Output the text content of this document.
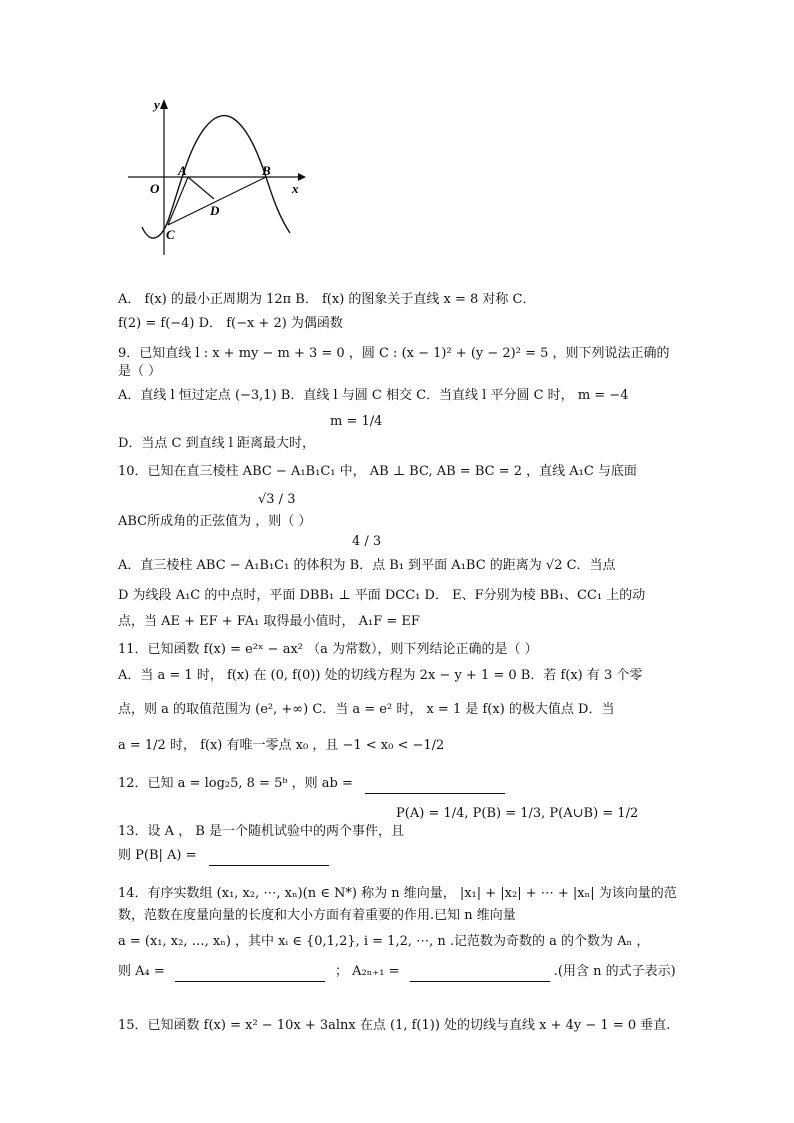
y
x
O
A	B
C
D
A． f(x) 的最小正周期为 12π B． f(x) 的图象关于直线 x = 8 对称 C．
f(2) = f(−4) D． f(−x + 2) 为偶函数
9．已知直线 l : x + my − m + 3 = 0 ，圆 C : (x − 1)² + (y − 2)² = 5 ，则下列说法正确的
是（ ）
A．直线 l 恒过定点 (−3,1) B．直线 l 与圆 C 相交 C．当直线 l 平分圆 C 时， m = −4
m = 1/4
D．当点 C 到直线 l 距离最大时，
10．已知在直三棱柱 ABC − A₁B₁C₁ 中， AB ⊥ BC, AB = BC = 2 ，直线 A₁C 与底面
√3 / 3
ABC所成角的正弦值为 ，则（ ）
4 / 3
A．直三棱柱 ABC − A₁B₁C₁ 的体积为 B．点 B₁ 到平面 A₁BC 的距离为 √2 C．当点
D 为线段 A₁C 的中点时，平面 DBB₁ ⊥ 平面 DCC₁ D． E、F分别为棱 BB₁、CC₁ 上的动
点，当 AE + EF + FA₁ 取得最小值时， A₁F = EF
11．已知函数 f(x) = e²ˣ − ax² （a 为常数），则下列结论正确的是（ ）
A．当 a = 1 时， f(x) 在 (0, f(0)) 处的切线方程为 2x − y + 1 = 0 B．若 f(x) 有 3 个零
点，则 a 的取值范围为 (e², +∞) C．当 a = e² 时， x = 1 是 f(x) 的极大值点 D．当
a = 1/2 时， f(x) 有唯一零点 x₀ ，且 −1 < x₀ < −1/2
12．已知 a = log₂5, 8 = 5ᵇ ，则 ab =
P(A) = 1/4, P(B) = 1/3, P(A∪B) = 1/2
13．设 A ， B 是一个随机试验中的两个事件，且
则 P(B| A) =
14．有序实数组 (x₁, x₂, ⋯, xₙ)(n ∈ N*) 称为 n 维向量， |x₁| + |x₂| + ⋯ + |xₙ| 为该向量的范
数，范数在度量向量的长度和大小方面有着重要的作用.已知 n 维向量
a = (x₁, x₂, …, xₙ) ，其中 xᵢ ∈ {0,1,2}, i = 1,2, ⋯, n .记范数为奇数的 a 的个数为 Aₙ ，
则 A₄ =	； A₂ₙ₊₁ =	.(用含 n 的式子表示)
15．已知函数 f(x) = x² − 10x + 3alnx 在点 (1, f(1)) 处的切线与直线 x + 4y − 1 = 0 垂直.
